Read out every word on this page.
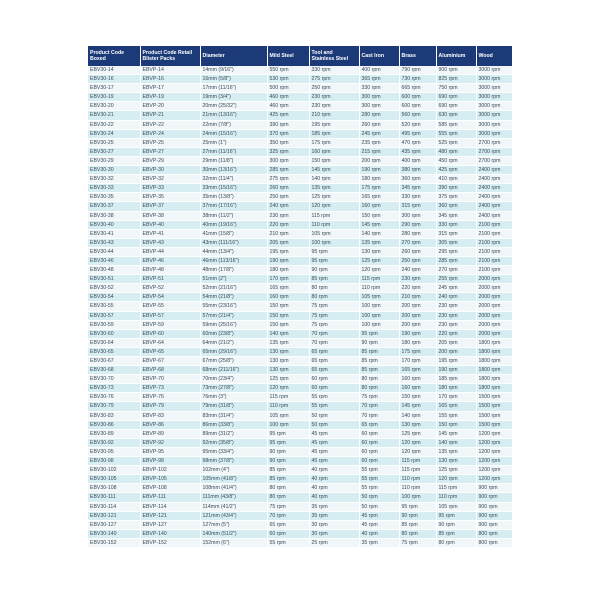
Product Code Boxed	Product Code Retail Blister Packs	Diameter	Mild Steel	Tool and Stainless Steel	Cast Iron	Brass	Aluminium	Wood
EBV30-14	EBVP-14	14mm (9/16")	550 rpm	330 rpm	400 rpm	790 rpm	900 rpm	3000 rpm
EBV30-16	EBVP-16	16mm (5/8")	530 rpm	275 rpm	365 rpm	730 rpm	825 rpm	3000 rpm
EBV30-17	EBVP-17	17mm (11/16")	500 rpm	250 rpm	330 rpm	665 rpm	750 rpm	3000 rpm
EBV30-19	EBVP-19	19mm (3/4")	460 rpm	230 rpm	300 rpm	600 rpm	690 rpm	3000 rpm
EBV30-20	EBVP-20	20mm (25/32")	460 rpm	230 rpm	300 rpm	600 rpm	690 rpm	3000 rpm
EBV30-21	EBVP-21	21mm (13/16")	425 rpm	210 rpm	280 rpm	560 rpm	630 rpm	3000 rpm
EBV30-22	EBVP-22	22mm (7/8")	390 rpm	195 rpm	260 rpm	520 rpm	585 rpm	3000 rpm
EBV30-24	EBVP-24	24mm (15/16")	370 rpm	185 rpm	245 rpm	495 rpm	555 rpm	3000 rpm
EBV30-25	EBVP-25	25mm (1")	350 rpm	175 rpm	235 rpm	470 rpm	525 rpm	2700 rpm
EBV30-27	EBVP-27	27mm (11/16")	325 rpm	160 rpm	215 rpm	435 rpm	480 rpm	2700 rpm
EBV30-29	EBVP-29	29mm (11/8")	300 rpm	150 rpm	200 rpm	400 rpm	450 rpm	2700 rpm
EBV30-30	EBVP-30	30mm (13/16")	285 rpm	145 rpm	190 rpm	380 rpm	425 rpm	2400 rpm
EBV30-32	EBVP-32	32mm (11/4")	275 rpm	140 rpm	180 rpm	360 rpm	410 rpm	2400 rpm
EBV30-33	EBVP-33	33mm (15/16")	260 rpm	135 rpm	175 rpm	345 rpm	390 rpm	2400 rpm
EBV30-35	EBVP-35	35mm (13/8")	250 rpm	125 rpm	165 rpm	330 rpm	375 rpm	2400 rpm
EBV30-37	EBVP-37	37mm (17/16")	240 rpm	120 rpm	160 rpm	315 rpm	360 rpm	2400 rpm
EBV30-38	EBVP-38	38mm (11/2")	230 rpm	115 rpm	150 rpm	300 rpm	345 rpm	2400 rpm
EBV30-40	EBVP-40	40mm (19/16")	220 rpm	110 rpm	145 rpm	290 rpm	330 rpm	2100 rpm
EBV30-41	EBVP-41	41mm (15/8")	210 rpm	105 rpm	140 rpm	280 rpm	315 rpm	2100 rpm
EBV30-43	EBVP-43	43mm (111/16")	205 rpm	100 rpm	135 rpm	270 rpm	305 rpm	2100 rpm
EBV30-44	EBVP-44	44mm (13/4")	195 rpm	95 rpm	130 rpm	260 rpm	295 rpm	2100 rpm
EBV30-46	EBVP-46	46mm (113/16")	190 rpm	95 rpm	125 rpm	250 rpm	285 rpm	2100 rpm
EBV30-48	EBVP-48	48mm (17/8")	180 rpm	90 rpm	120 rpm	240 rpm	270 rpm	2100 rpm
EBV30-51	EBVP-51	51mm (2")	170 rpm	85 rpm	115 rpm	230 rpm	255 rpm	2000 rpm
EBV30-52	EBVP-52	52mm (21/16")	165 rpm	80 rpm	110 rpm	220 rpm	245 rpm	2000 rpm
EBV30-54	EBVP-54	54mm (21/8")	160 rpm	80 rpm	105 rpm	210 rpm	240 rpm	2000 rpm
EBV30-55	EBVP-55	55mm (23/16")	150 rpm	75 rpm	100 rpm	200 rpm	230 rpm	2000 rpm
EBV30-57	EBVP-57	57mm (21/4")	150 rpm	75 rpm	100 rpm	200 rpm	230 rpm	2000 rpm
EBV30-59	EBVP-59	59mm (25/16")	150 rpm	75 rpm	100 rpm	200 rpm	230 rpm	2000 rpm
EBV30-60	EBVP-60	60mm (23/8")	140 rpm	70 rpm	95 rpm	190 rpm	220 rpm	2000 rpm
EBV30-64	EBVP-64	64mm (21/2")	135 rpm	70 rpm	90 rpm	180 rpm	205 rpm	1800 rpm
EBV30-65	EBVP-65	65mm (29/16")	130 rpm	65 rpm	85 rpm	175 rpm	200 rpm	1800 rpm
EBV30-67	EBVP-67	67mm (25/8")	130 rpm	65 rpm	85 rpm	170 rpm	195 rpm	1800 rpm
EBV30-68	EBVP-68	68mm (211/16")	130 rpm	65 rpm	85 rpm	165 rpm	190 rpm	1800 rpm
EBV30-70	EBVP-70	70mm (23/4")	125 rpm	60 rpm	80 rpm	160 rpm	185 rpm	1800 rpm
EBV30-73	EBVP-73	73mm (27/8")	120 rpm	60 rpm	80 rpm	160 rpm	180 rpm	1800 rpm
EBV30-76	EBVP-76	76mm (3")	115 rpm	55 rpm	75 rpm	150 rpm	170 rpm	1500 rpm
EBV30-79	EBVP-79	79mm (31/8")	110 rpm	55 rpm	70 rpm	145 rpm	165 rpm	1500 rpm
EBV30-83	EBVP-83	83mm (31/4")	105 rpm	50 rpm	70 rpm	140 rpm	155 rpm	1500 rpm
EBV30-86	EBVP-86	86mm (33/8")	100 rpm	50 rpm	65 rpm	130 rpm	150 rpm	1500 rpm
EBV30-89	EBVP-89	89mm (31/2")	95 rpm	45 rpm	60 rpm	125 rpm	145 rpm	1200 rpm
EBV30-92	EBVP-92	92mm (35/8")	95 rpm	45 rpm	60 rpm	120 rpm	140 rpm	1200 rpm
EBV30-95	EBVP-95	95mm (33/4")	90 rpm	45 rpm	60 rpm	120 rpm	135 rpm	1200 rpm
EBV30-98	EBVP-98	98mm (37/8")	90 rpm	45 rpm	60 rpm	115 rpm	130 rpm	1200 rpm
EBV30-102	EBVP-102	102mm (4")	85 rpm	40 rpm	55 rpm	115 rpm	125 rpm	1200 rpm
EBV30-105	EBVP-105	105mm (41/8")	85 rpm	40 rpm	55 rpm	110 rpm	120 rpm	1200 rpm
EBV30-108	EBVP-108	108mm (41/4")	80 rpm	40 rpm	55 rpm	110 rpm	115 rpm	900 rpm
EBV30-111	EBVP-111	111mm (43/8")	80 rpm	40 rpm	50 rpm	100 rpm	110 rpm	900 rpm
EBV30-114	EBVP-114	114mm (41/2")	75 rpm	35 rpm	50 rpm	95 rpm	105 rpm	900 rpm
EBV30-121	EBVP-121	121mm (43/4")	70 rpm	35 rpm	45 rpm	90 rpm	95 rpm	900 rpm
EBV30-127	EBVP-127	127mm (5")	65 rpm	30 rpm	45 rpm	85 rpm	90 rpm	900 rpm
EBV30-140	EBVP-140	140mm (51/2")	60 rpm	30 rpm	40 rpm	80 rpm	85 rpm	800 rpm
EBV30-152	EBVP-152	152mm (6")	55 rpm	25 rpm	35 rpm	75 rpm	80 rpm	800 rpm
